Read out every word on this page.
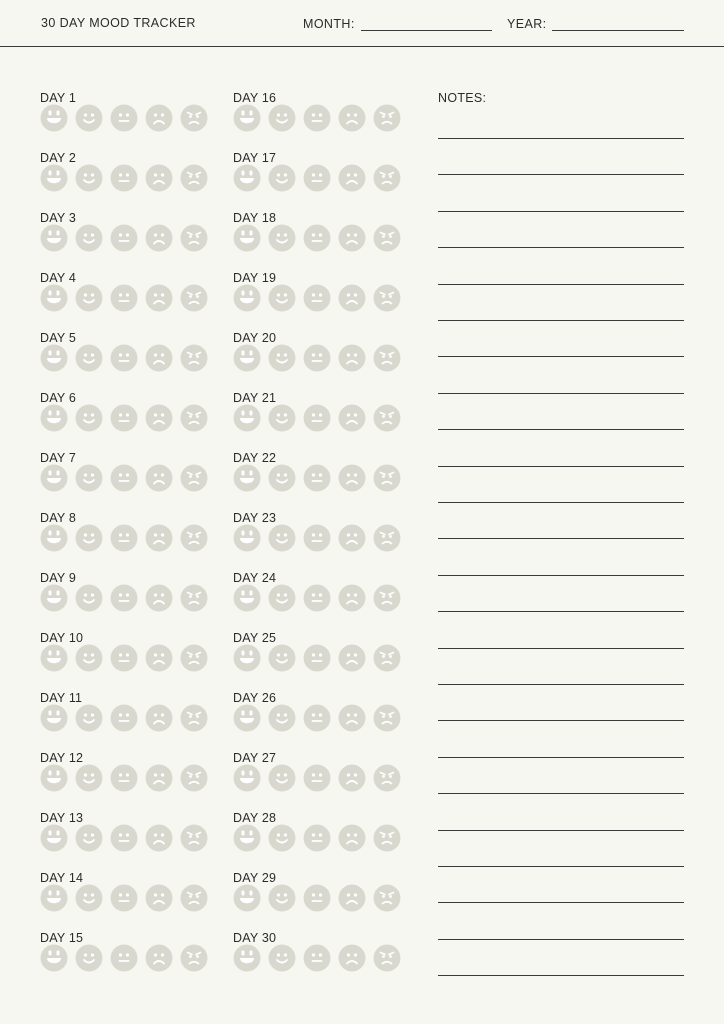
30 DAY MOOD TRACKER	MONTH:	YEAR:
DAY 1
DAY 2
DAY 3
DAY 4
DAY 5
DAY 6
DAY 7
DAY 8
DAY 9
DAY 10
DAY 11
DAY 12
DAY 13
DAY 14
DAY 15
DAY 16
DAY 17
DAY 18
DAY 19
DAY 20
DAY 21
DAY 22
DAY 23
DAY 24
DAY 25
DAY 26
DAY 27
DAY 28
DAY 29
DAY 30
NOTES:
